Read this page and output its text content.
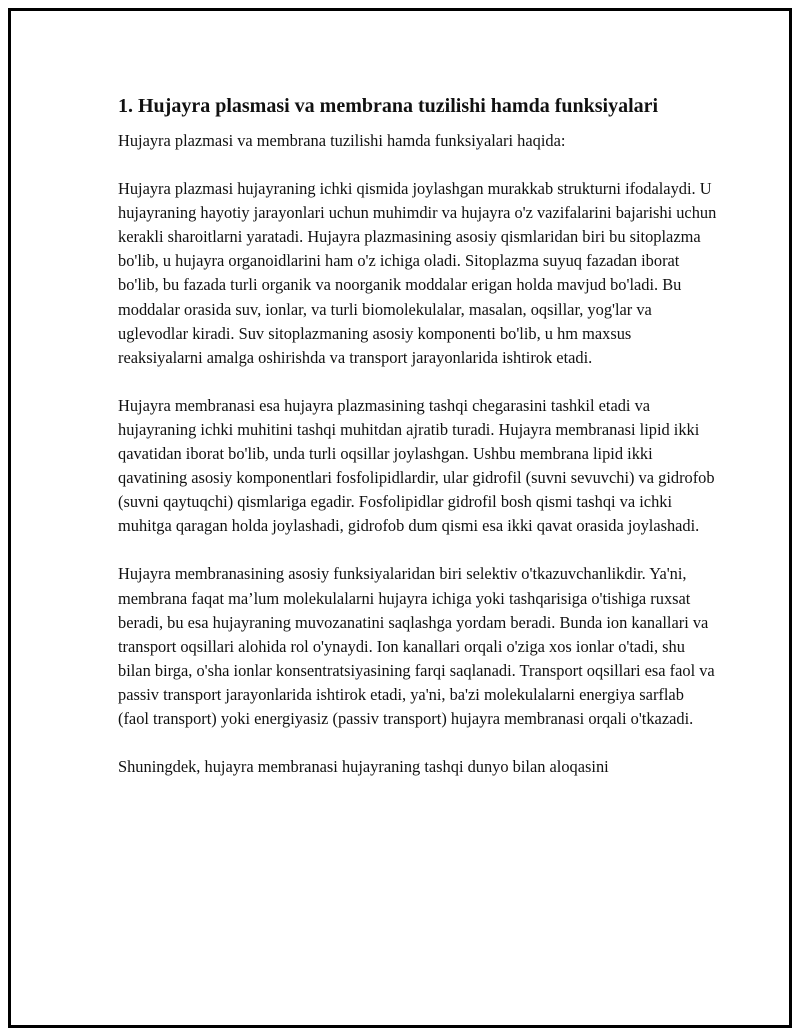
1. Hujayra plasmasi va membrana tuzilishi hamda funksiyalari

Hujayra plazmasi va membrana tuzilishi hamda funksiyalari haqida:

Hujayra plazmasi hujayraning ichki qismida joylashgan murakkab strukturni ifodalaydi. U hujayraning hayotiy jarayonlari uchun muhimdir va hujayra o'z vazifalarini bajarishi uchun kerakli sharoitlarni yaratadi. Hujayra plazmasining asosiy qismlaridan biri bu sitoplazma bo'lib, u hujayra organoidlarini ham o'z ichiga oladi. Sitoplazma suyuq fazadan iborat bo'lib, bu fazada turli organik va noorganik moddalar erigan holda mavjud bo'ladi. Bu moddalar orasida suv, ionlar, va turli biomolekulalar, masalan, oqsillar, yog'lar va uglevodlar kiradi. Suv sitoplazmaning asosiy komponenti bo'lib, u hm maxsus reaksiyalarni amalga oshirishda va transport jarayonlarida ishtirok etadi.

Hujayra membranasi esa hujayra plazmasining tashqi chegarasini tashkil etadi va hujayraning ichki muhitini tashqi muhitdan ajratib turadi. Hujayra membranasi lipid ikki qavatidan iborat bo'lib, unda turli oqsillar joylashgan. Ushbu membrana lipid ikki qavatining asosiy komponentlari fosfolipidlardir, ular gidrofil (suvni sevuvchi) va gidrofob (suvni qaytuqchi) qismlariga egadir. Fosfolipidlar gidrofil bosh qismi tashqi va ichki muhitga qaragan holda joylashadi, gidrofob dum qismi esa ikki qavat orasida joylashadi.

Hujayra membranasining asosiy funksiyalaridan biri selektiv o'tkazuvchanlikdir. Ya'ni, membrana faqat ma’lum molekulalarni hujayra ichiga yoki tashqarisiga o'tishiga ruxsat beradi, bu esa hujayraning muvozanatini saqlashga yordam beradi. Bunda ion kanallari va transport oqsillari alohida rol o'ynaydi. Ion kanallari orqali o'ziga xos ionlar o'tadi, shu bilan birga, o'sha ionlar konsentratsiyasining farqi saqlanadi. Transport oqsillari esa faol va passiv transport jarayonlarida ishtirok etadi, ya'ni, ba'zi molekulalarni energiya sarflab (faol transport) yoki energiyasiz (passiv transport) hujayra membranasi orqali o'tkazadi.

Shuningdek, hujayra membranasi hujayraning tashqi dunyo bilan aloqasini
